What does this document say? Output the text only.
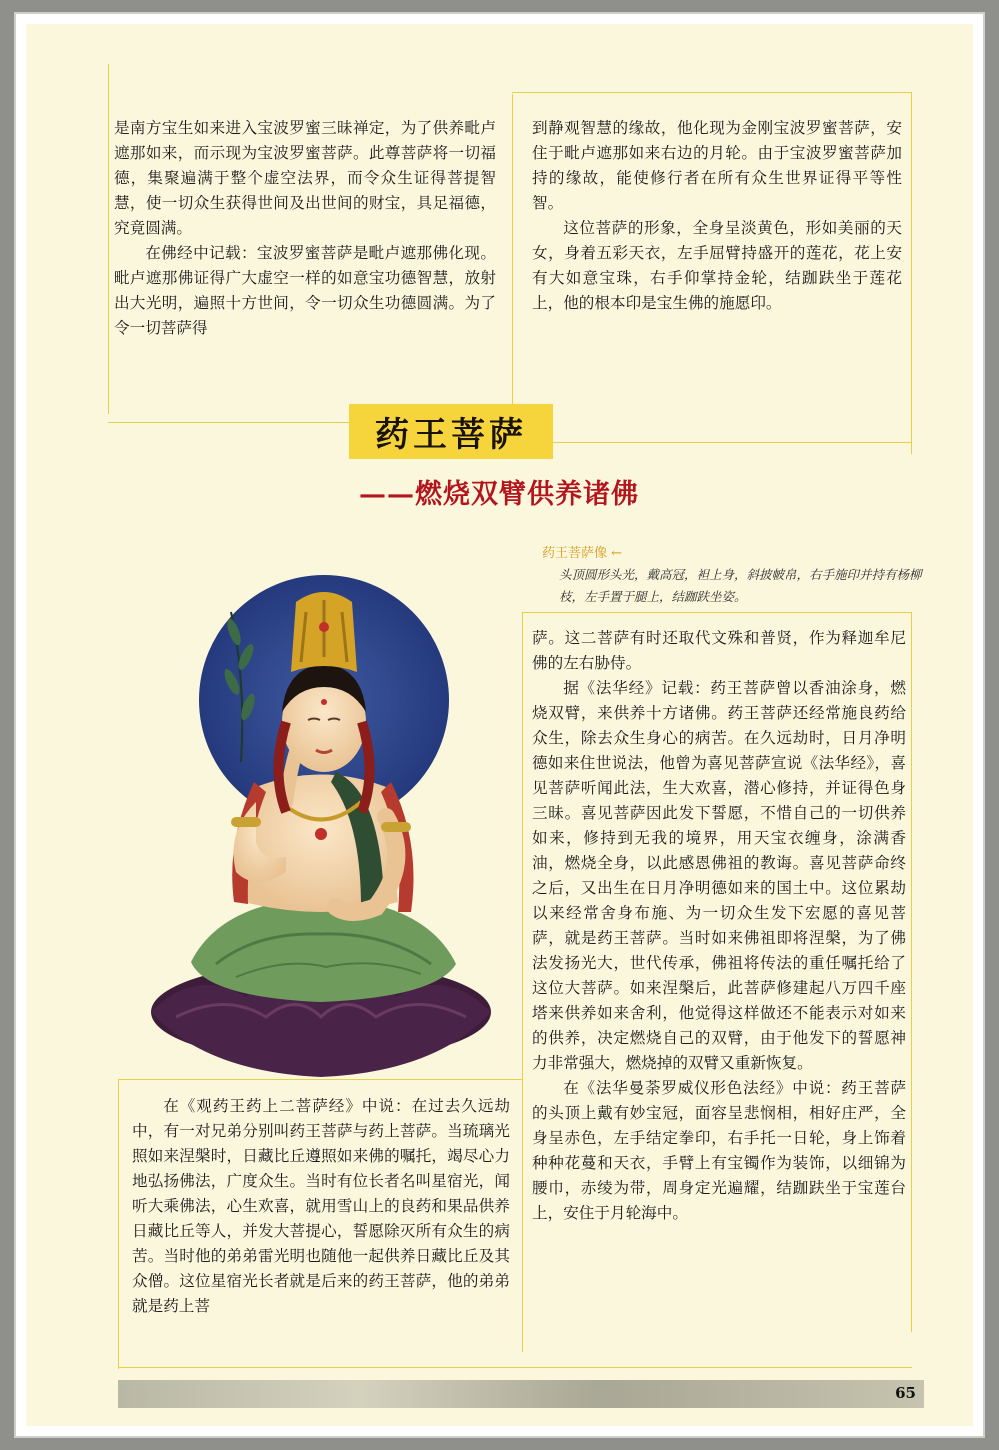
是南方宝生如来进入宝波罗蜜三昧禅定，为了供养毗卢遮那如来，而示现为宝波罗蜜菩萨。此尊菩萨将一切福德，集聚遍满于整个虚空法界，而令众生证得菩提智慧，使一切众生获得世间及出世间的财宝，具足福德，究竟圆满。

在佛经中记载：宝波罗蜜菩萨是毗卢遮那佛化现。毗卢遮那佛证得广大虚空一样的如意宝功德智慧，放射出大光明，遍照十方世间，令一切众生功德圆满。为了令一切菩萨得

到静观智慧的缘故，他化现为金刚宝波罗蜜菩萨，安住于毗卢遮那如来右边的月轮。由于宝波罗蜜菩萨加持的缘故，能使修行者在所有众生世界证得平等性智。

这位菩萨的形象，全身呈淡黄色，形如美丽的天女，身着五彩天衣，左手屈臂持盛开的莲花，花上安有大如意宝珠，右手仰掌持金轮，结跏趺坐于莲花上，他的根本印是宝生佛的施愿印。

药王菩萨
——燃烧双臂供养诸佛
药王菩萨像 ←

头顶圆形头光，戴高冠，袒上身，斜披帔帛，右手施印并持有杨柳枝，左手置于腿上，结跏趺坐姿。

萨。这二菩萨有时还取代文殊和普贤，作为释迦牟尼佛的左右胁侍。

据《法华经》记载：药王菩萨曾以香油涂身，燃烧双臂，来供养十方诸佛。药王菩萨还经常施良药给众生，除去众生身心的病苦。在久远劫时，日月净明德如来住世说法，他曾为喜见菩萨宣说《法华经》，喜见菩萨听闻此法，生大欢喜，潜心修持，并证得色身三昧。喜见菩萨因此发下誓愿，不惜自己的一切供养如来，修持到无我的境界，用天宝衣缠身，涂满香油，燃烧全身，以此感恩佛祖的教诲。喜见菩萨命终之后，又出生在日月净明德如来的国土中。这位累劫以来经常舍身布施、为一切众生发下宏愿的喜见菩萨，就是药王菩萨。当时如来佛祖即将涅槃，为了佛法发扬光大，世代传承，佛祖将传法的重任嘱托给了这位大菩萨。如来涅槃后，此菩萨修建起八万四千座塔来供养如来舍利，他觉得这样做还不能表示对如来的供养，决定燃烧自己的双臂，由于他发下的誓愿神力非常强大，燃烧掉的双臂又重新恢复。

在《法华曼荼罗威仪形色法经》中说：药王菩萨的头顶上戴有妙宝冠，面容呈悲悯相，相好庄严，全身呈赤色，左手结定拳印，右手托一日轮，身上饰着种种花蔓和天衣，手臂上有宝镯作为装饰，以细锦为腰巾，赤绫为带，周身定光遍耀，结跏趺坐于宝莲台上，安住于月轮海中。

在《观药王药上二菩萨经》中说：在过去久远劫中，有一对兄弟分别叫药王菩萨与药上菩萨。当琉璃光照如来涅槃时，日藏比丘遵照如来佛的嘱托，竭尽心力地弘扬佛法，广度众生。当时有位长者名叫星宿光，闻听大乘佛法，心生欢喜，就用雪山上的良药和果品供养日藏比丘等人，并发大菩提心，誓愿除灭所有众生的病苦。当时他的弟弟雷光明也随他一起供养日藏比丘及其众僧。这位星宿光长者就是后来的药王菩萨，他的弟弟就是药上菩

65
